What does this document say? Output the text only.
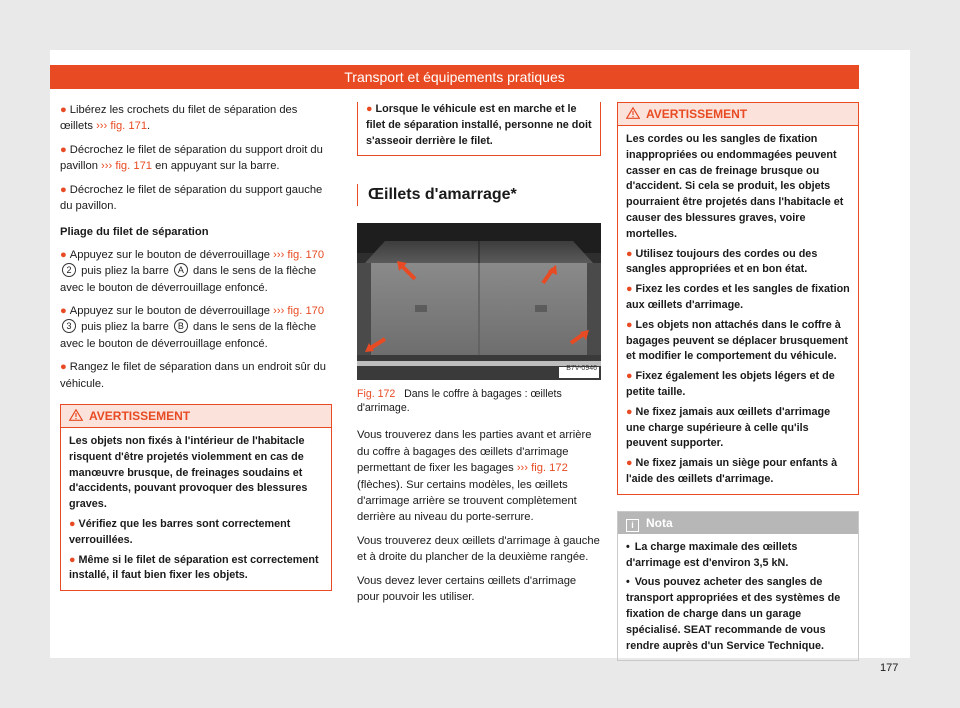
Transport et équipements pratiques

● Libérez les crochets du filet de séparation des œillets ››› fig. 171.

● Décrochez le filet de séparation du support droit du pavillon ››› fig. 171 en appuyant sur la barre.

● Décrochez le filet de séparation du support gauche du pavillon.

Pliage du filet de séparation

● Appuyez sur le bouton de déverrouillage ››› fig. 170 2 puis pliez la barre A dans le sens de la flèche avec le bouton de déverrouillage enfoncé.

● Appuyez sur le bouton de déverrouillage ››› fig. 170 3 puis pliez la barre B dans le sens de la flèche avec le bouton de déverrouillage enfoncé.

● Rangez le filet de séparation dans un endroit sûr du véhicule.

AVERTISSEMENT

Les objets non fixés à l'intérieur de l'habitacle risquent d'être projetés violemment en cas de manœuvre brusque, de freinages soudains et d'accidents, pouvant provoquer des blessures graves.

● Vérifiez que les barres sont correctement verrouillées.

● Même si le filet de séparation est correctement installé, il faut bien fixer les objets.

● Lorsque le véhicule est en marche et le filet de séparation installé, personne ne doit s'asseoir derrière le filet.

Œillets d'amarrage*
B7V-0946

Fig. 172 Dans le coffre à bagages : œillets d'arrimage.

Vous trouverez dans les parties avant et arrière du coffre à bagages des œillets d'arrimage permettant de fixer les bagages ››› fig. 172 (flèches). Sur certains modèles, les œillets d'arrimage arrière se trouvent complètement derrière au niveau du porte-serrure.

Vous trouverez deux œillets d'arrimage à gauche et à droite du plancher de la deuxième rangée.

Vous devez lever certains œillets d'arrimage pour pouvoir les utiliser.

AVERTISSEMENT

Les cordes ou les sangles de fixation inappropriées ou endommagées peuvent casser en cas de freinage brusque ou d'accident. Si cela se produit, les objets pourraient être projetés dans l'habitacle et causer des blessures graves, voire mortelles.

● Utilisez toujours des cordes ou des sangles appropriées et en bon état.

● Fixez les cordes et les sangles de fixation aux œillets d'arrimage.

● Les objets non attachés dans le coffre à bagages peuvent se déplacer brusquement et modifier le comportement du véhicule.

● Fixez également les objets légers et de petite taille.

● Ne fixez jamais aux œillets d'arrimage une charge supérieure à celle qu'ils peuvent supporter.

● Ne fixez jamais un siège pour enfants à l'aide des œillets d'arrimage.

i Nota

• La charge maximale des œillets d'arrimage est d'environ 3,5 kN.

• Vous pouvez acheter des sangles de transport appropriées et des systèmes de fixation de charge dans un garage spécialisé. SEAT recommande de vous rendre auprès d'un Service Technique.

177
